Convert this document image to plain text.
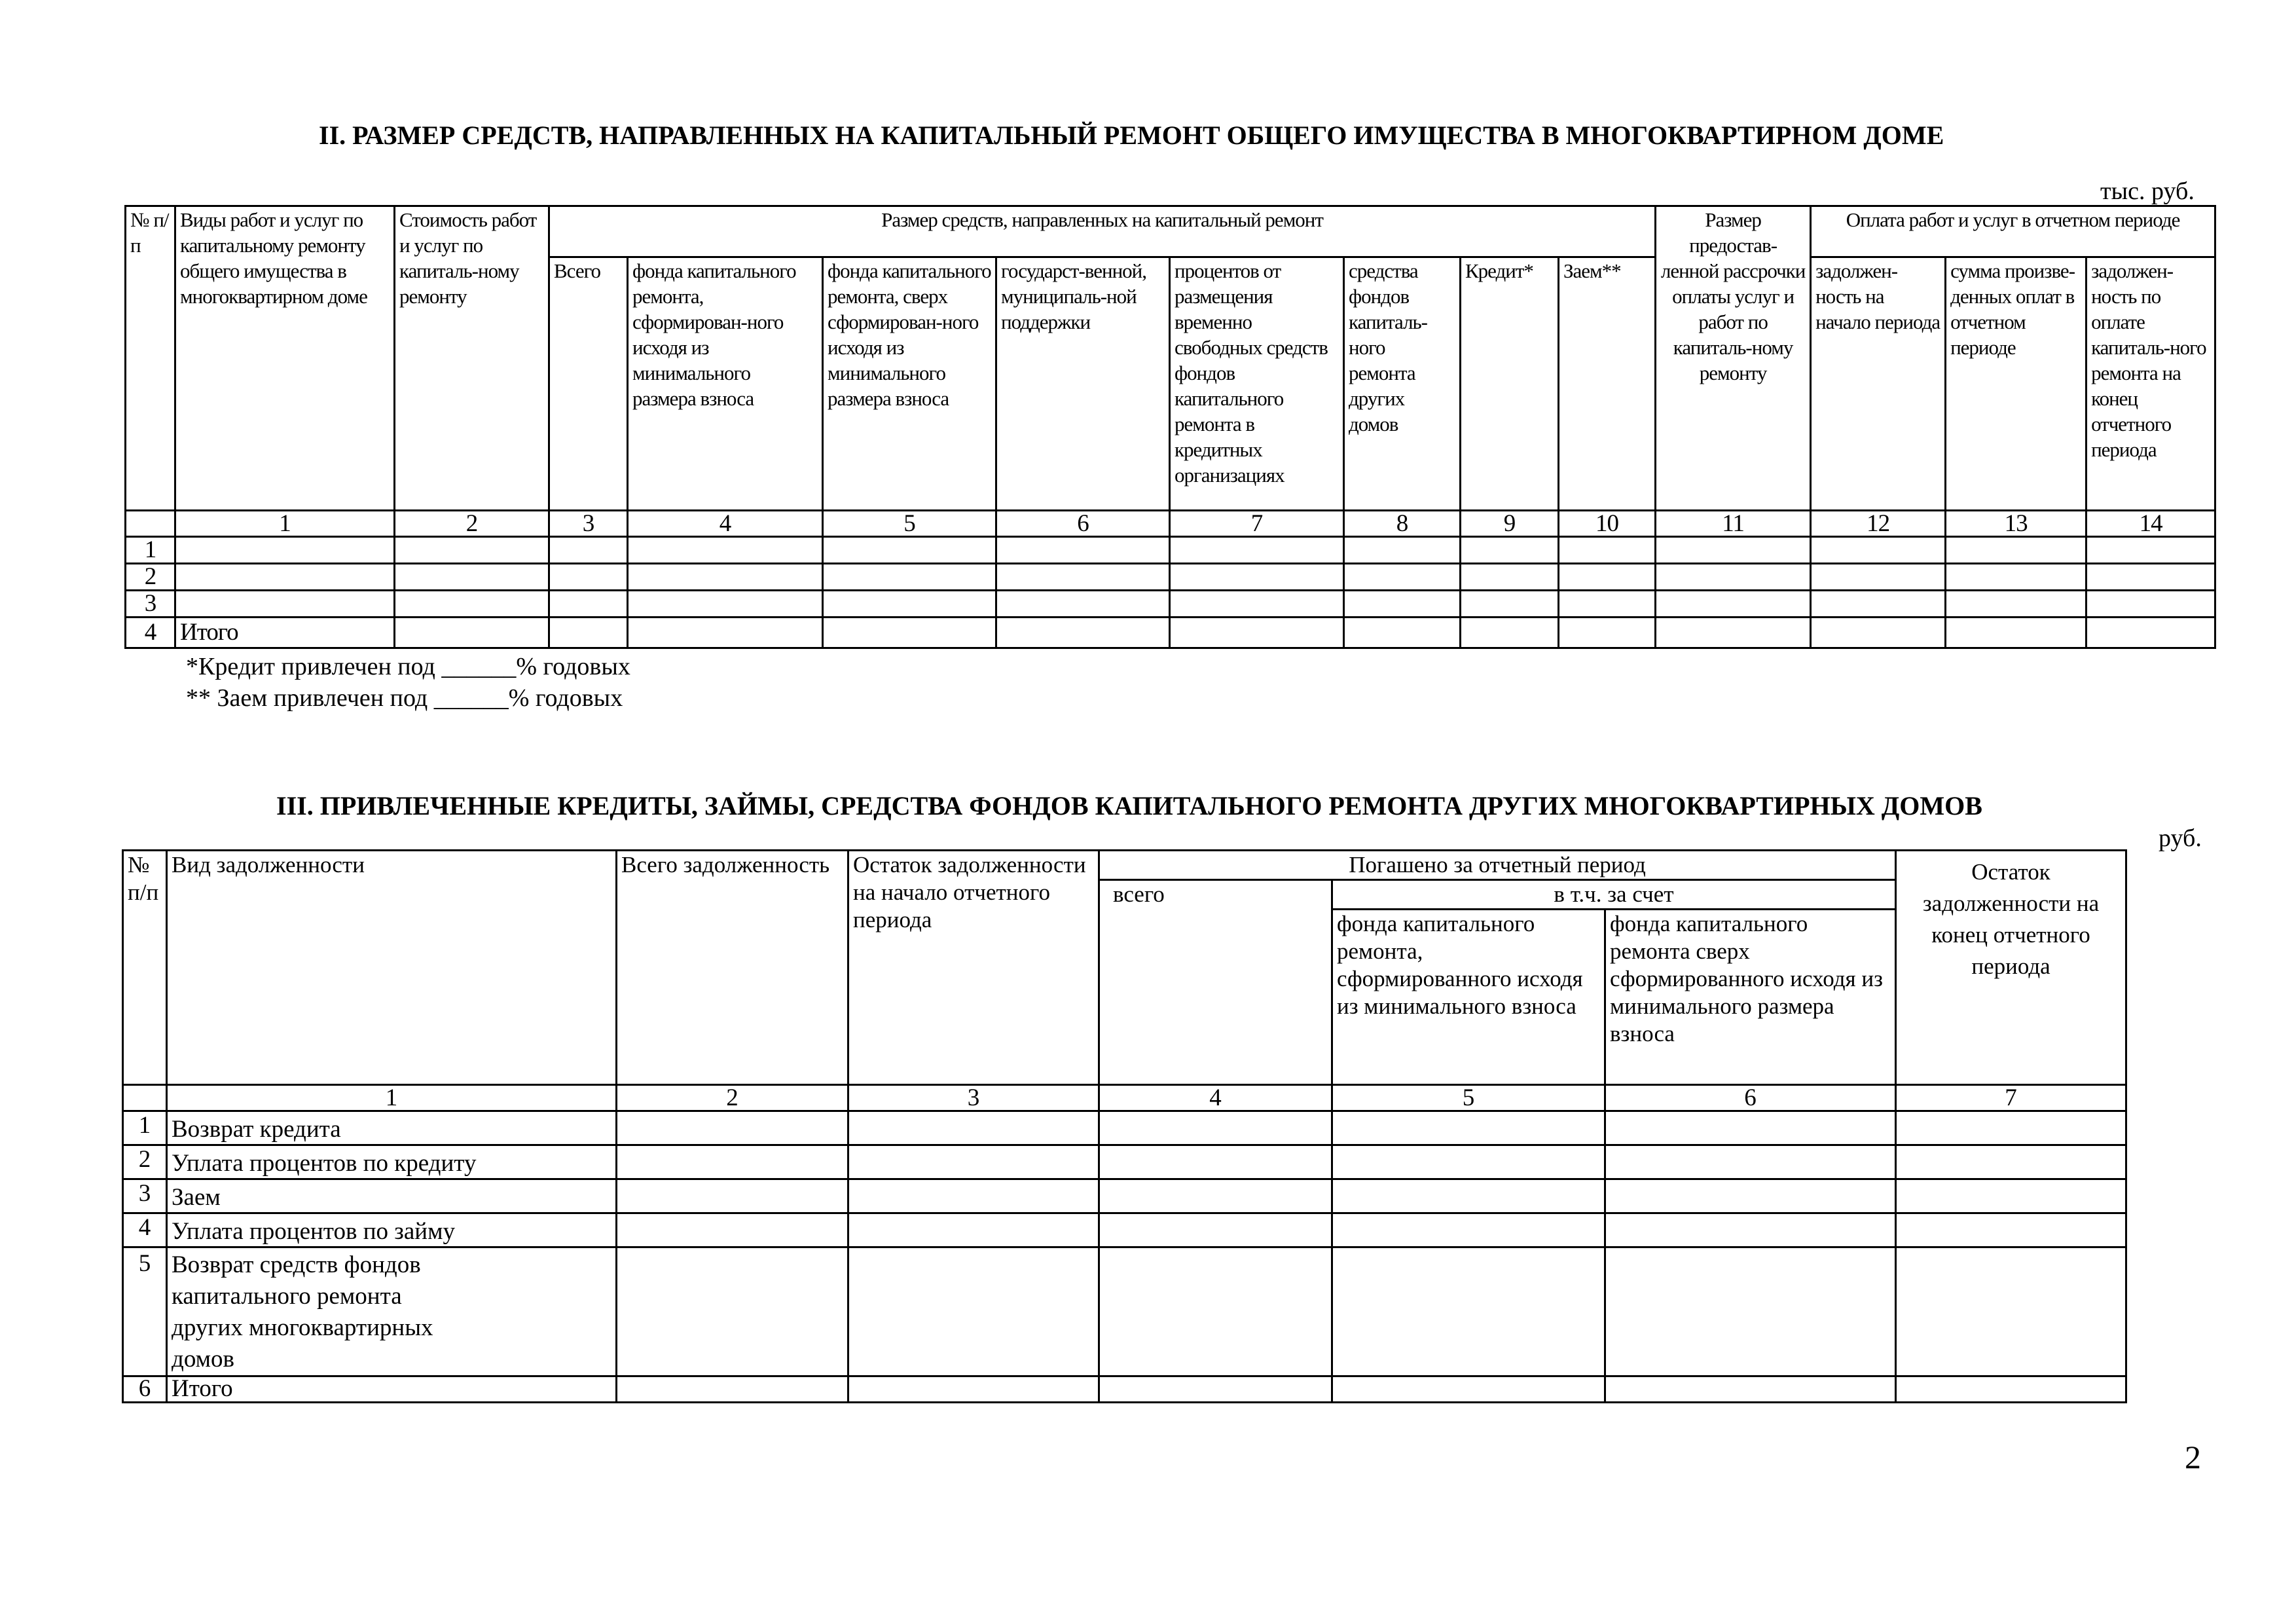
II. РАЗМЕР СРЕДСТВ, НАПРАВЛЕННЫХ НА КАПИТАЛЬНЫЙ РЕМОНТ ОБЩЕГО ИМУЩЕСТВА В МНОГОКВАРТИРНОМ ДОМЕ
тыс. руб.
№ п/п	Виды работ и услуг по капитальному ремонту общего имущества в многоквартирном доме	Стоимость работ и услуг по капиталь-ному ремонту	Размер средств, направленных на капитальный ремонт								Размер предостав-ленной рассрочки оплаты услуг и работ по капиталь-ному ремонту	Оплата работ и услуг в отчетном периоде		
			Всего	фонда капитального ремонта, сформирован-ного исходя из минимального размера взноса	фонда капитального ремонта, сверх сформирован-ного исходя из минимального размера взноса	государст-венной, муниципаль-ной поддержки	процентов от размещения временно свободных средств фондов капитального ремонта в кредитных организациях	средства фондов капиталь-ного ремонта других домов	Кредит*	Заем**		задолжен-ность на начало периода	сумма произве-денных оплат в отчетном периоде	задолжен-ность по оплате капиталь-ного ремонта на конец отчетного периода
	1	2	3	4	5	6	7	8	9	10	11	12	13	14
1														
2														
3														
4	Итого													
*Кредит привлечен под ______% годовых
** Заем привлечен под ______% годовых
III. ПРИВЛЕЧЕННЫЕ КРЕДИТЫ, ЗАЙМЫ, СРЕДСТВА ФОНДОВ КАПИТАЛЬНОГО РЕМОНТА ДРУГИХ МНОГОКВАРТИРНЫХ ДОМОВ
руб.
№ п/п	Вид задолженности	Всего задолженность	Остаток задолженности на начало отчетного периода	Погашено за отчетный период			Остаток задолженности на конец отчетного периода
				всего	в т.ч. за счет		
					фонда капитального ремонта, сформированного исходя из минимального взноса	фонда капитального ремонта сверх сформированного исходя из минимального размера взноса	
	1	2	3	4	5	6	7
1	Возврат кредита						
2	Уплата процентов по кредиту						
3	Заем						
4	Уплата процентов по займу						
5	Возврат средств фондов капитального ремонта других многоквартирных домов						
6	Итого						
2
